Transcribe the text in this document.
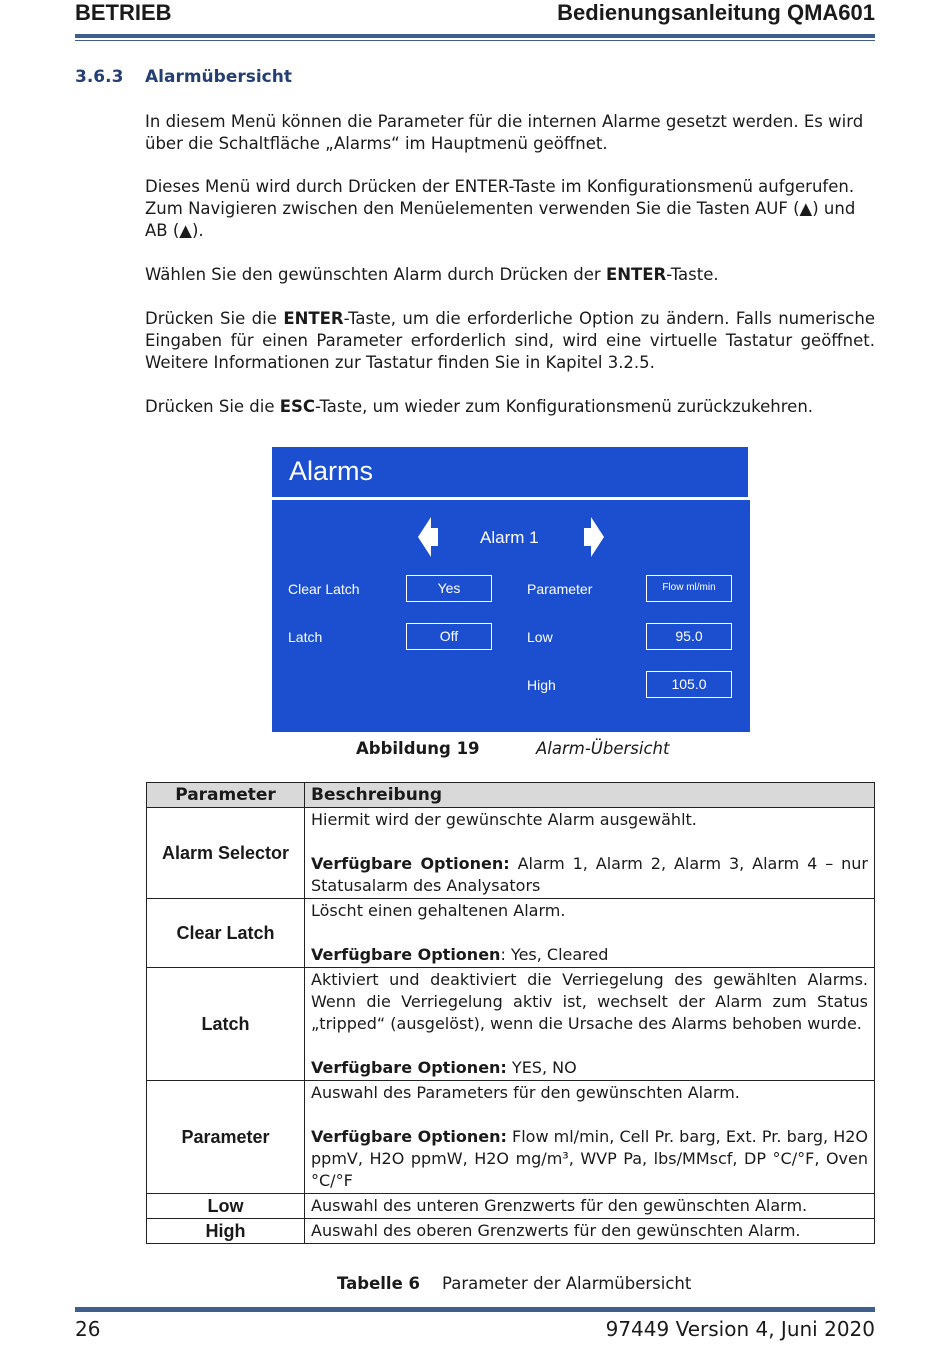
BETRIEB	Bedienungsanleitung QMA601
3.6.3 Alarmübersicht
In diesem Menü können die Parameter für die internen Alarme gesetzt werden. Es wird über die Schaltfläche „Alarms“ im Hauptmenü geöffnet.
Dieses Menü wird durch Drücken der ENTER-Taste im Konfigurationsmenü aufgerufen. Zum Navigieren zwischen den Menüelementen verwenden Sie die Tasten AUF (▲) und AB (▲).
Wählen Sie den gewünschten Alarm durch Drücken der ENTER-Taste.
Drücken Sie die ENTER-Taste, um die erforderliche Option zu ändern. Falls numerische Eingaben für einen Parameter erforderlich sind, wird eine virtuelle Tastatur geöffnet. Weitere Informationen zur Tastatur finden Sie in Kapitel 3.2.5.
Drücken Sie die ESC-Taste, um wieder zum Konfigurationsmenü zurückzukehren.
Alarms
Alarm 1
Clear Latch	Yes	Parameter	Flow ml/min
Latch	Off	Low	95.0
High	105.0
Abbildung 19	Alarm-Übersicht
Parameter	Beschreibung
Alarm Selector	Hiermit wird der gewünschte Alarm ausgewählt.
Verfügbare Optionen: Alarm 1, Alarm 2, Alarm 3, Alarm 4 – nur Statusalarm des Analysators

Clear Latch	Löscht einen gehaltenen Alarm.
Verfügbare Optionen: Yes, Cleared

Latch	Aktiviert und deaktiviert die Verriegelung des gewählten Alarms. Wenn die Verriegelung aktiv ist, wechselt der Alarm zum Status „tripped“ (ausgelöst), wenn die Ursache des Alarms behoben wurde.
Verfügbare Optionen: YES, NO

Parameter	Auswahl des Parameters für den gewünschten Alarm.
Verfügbare Optionen: Flow ml/min, Cell Pr. barg, Ext. Pr. barg, H2O ppmV, H2O ppmW, H2O mg/m³, WVP Pa, lbs/MMscf, DP °C/°F, Oven °C/°F

Low	Auswahl des unteren Grenzwerts für den gewünschten Alarm.
High	Auswahl des oberen Grenzwerts für den gewünschten Alarm.
Tabelle 6 Parameter der Alarmübersicht
26	97449 Version 4, Juni 2020
